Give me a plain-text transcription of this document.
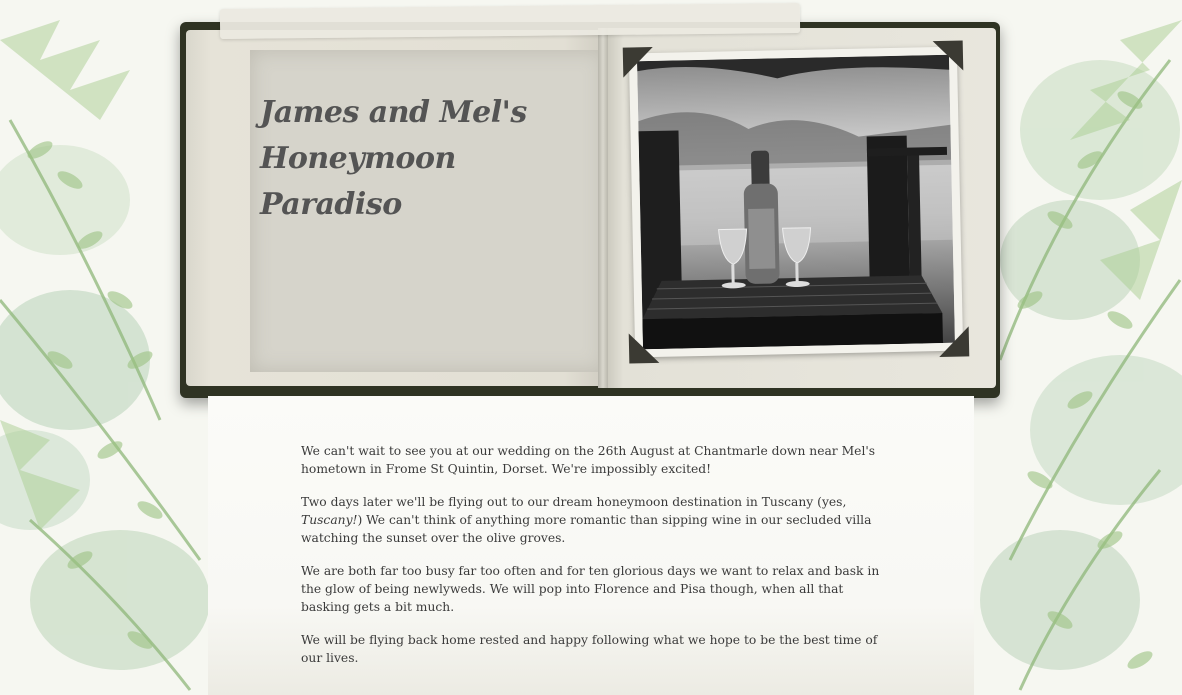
James and Mel's
Honeymoon Paradiso

We can't wait to see you at our wedding on the 26th August at Chantmarle down near Mel's hometown in Frome St Quintin, Dorset. We're impossibly excited!

Two days later we'll be flying out to our dream honeymoon destination in Tuscany (yes, Tuscany!) We can't think of anything more romantic than sipping wine in our secluded villa watching the sunset over the olive groves.

We are both far too busy far too often and for ten glorious days we want to relax and bask in the glow of being newlyweds. We will pop into Florence and Pisa though, when all that basking gets a bit much.

We will be flying back home rested and happy following what we hope to be the best time of our lives.
